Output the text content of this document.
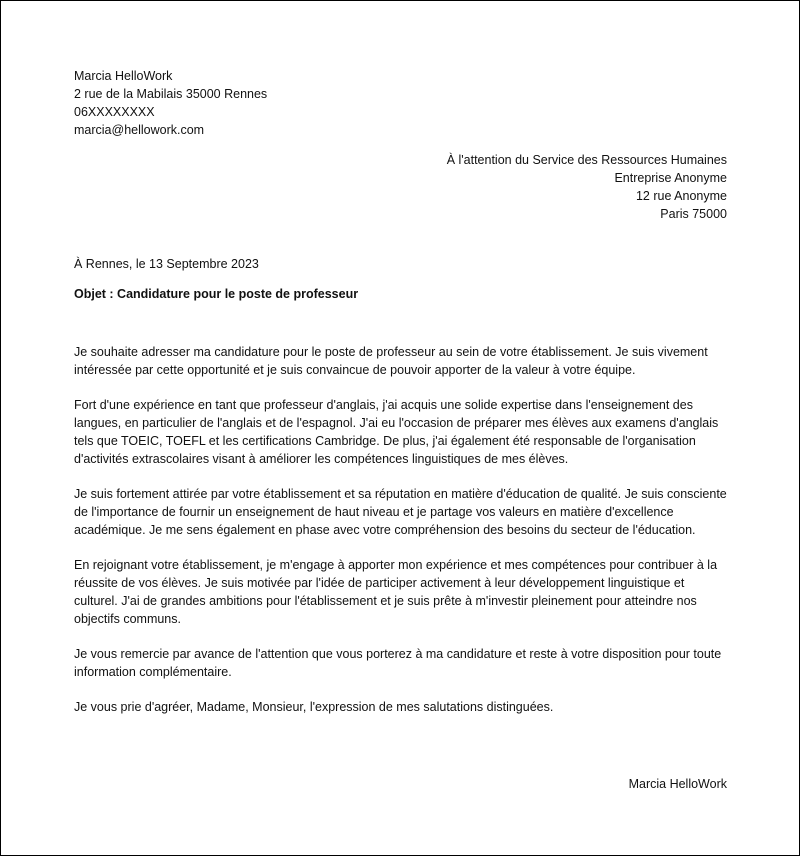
Marcia HelloWork
2 rue de la Mabilais 35000 Rennes
06XXXXXXXX
marcia@hellowork.com
À l'attention du Service des Ressources Humaines
Entreprise Anonyme
12 rue Anonyme
Paris 75000
À Rennes, le 13 Septembre 2023
Objet : Candidature pour le poste de professeur

Je souhaite adresser ma candidature pour le poste de professeur au sein de votre établissement. Je suis vivement intéressée par cette opportunité et je suis convaincue de pouvoir apporter de la valeur à votre équipe.

Fort d'une expérience en tant que professeur d'anglais, j'ai acquis une solide expertise dans l'enseignement des langues, en particulier de l'anglais et de l'espagnol. J'ai eu l'occasion de préparer mes élèves aux examens d'anglais tels que TOEIC, TOEFL et les certifications Cambridge. De plus, j'ai également été responsable de l'organisation d'activités extrascolaires visant à améliorer les compétences linguistiques de mes élèves.

Je suis fortement attirée par votre établissement et sa réputation en matière d'éducation de qualité. Je suis consciente de l'importance de fournir un enseignement de haut niveau et je partage vos valeurs en matière d'excellence académique. Je me sens également en phase avec votre compréhension des besoins du secteur de l'éducation.

En rejoignant votre établissement, je m'engage à apporter mon expérience et mes compétences pour contribuer à la réussite de vos élèves. Je suis motivée par l'idée de participer activement à leur développement linguistique et culturel. J'ai de grandes ambitions pour l'établissement et je suis prête à m'investir pleinement pour atteindre nos objectifs communs.

Je vous remercie par avance de l'attention que vous porterez à ma candidature et reste à votre disposition pour toute information complémentaire.

Je vous prie d'agréer, Madame, Monsieur, l'expression de mes salutations distinguées.

Marcia HelloWork
